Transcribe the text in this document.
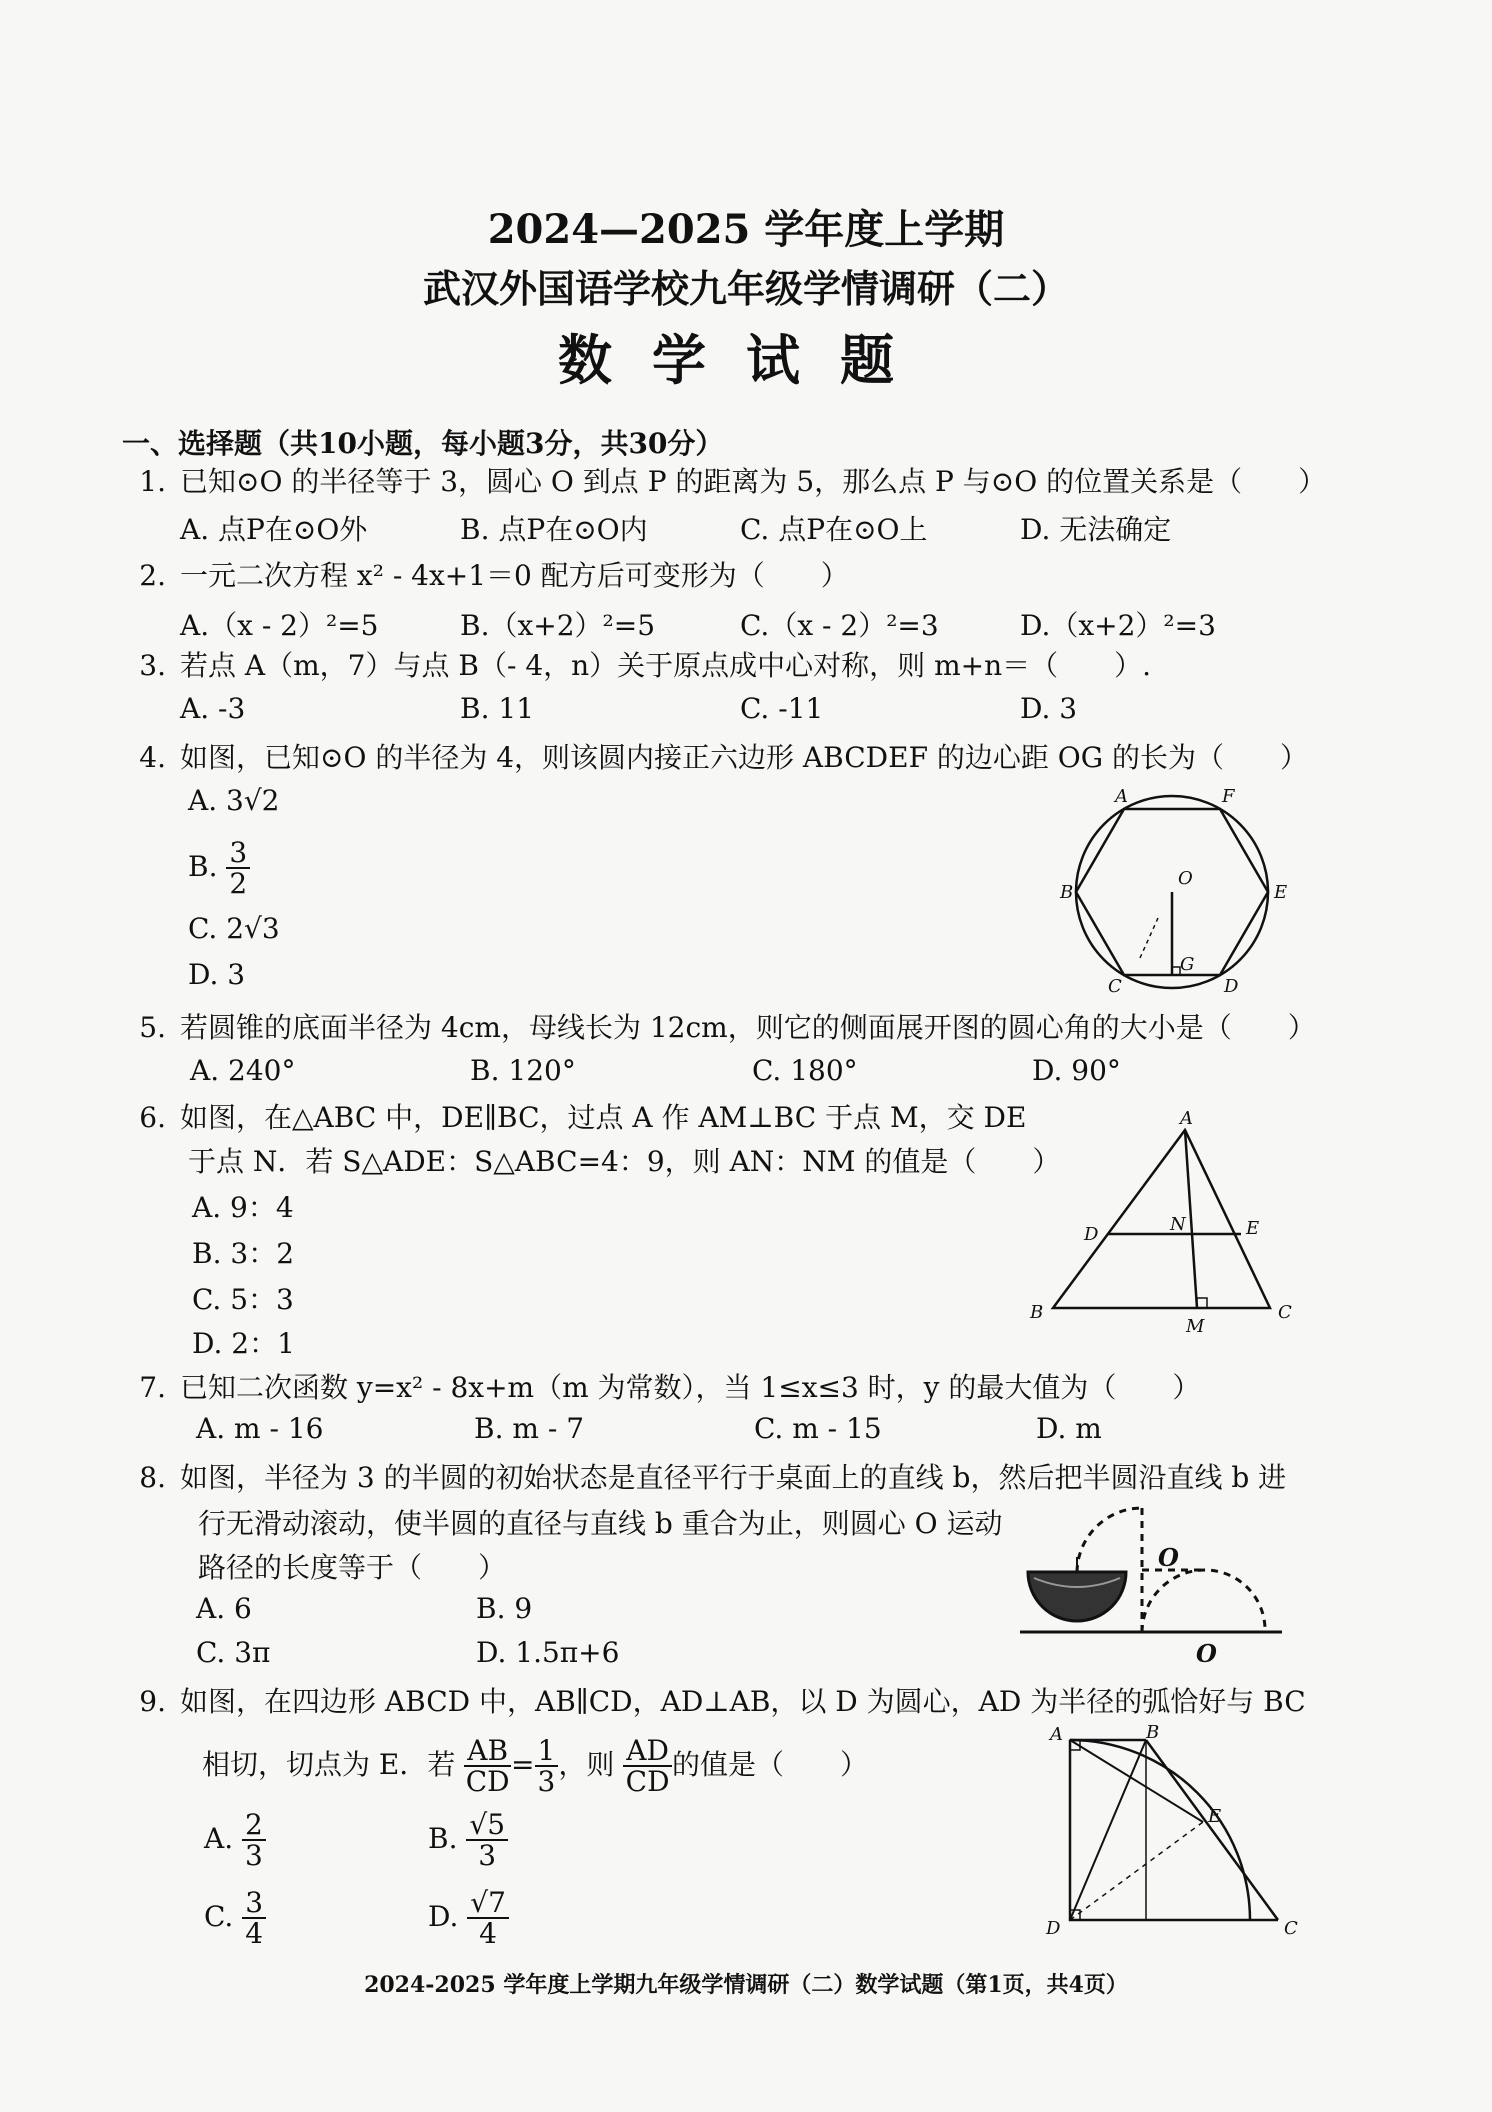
2024—2025 学年度上学期
武汉外国语学校九年级学情调研（二）
数学试题
一、选择题（共10小题，每小题3分，共30分）
1. 已知⊙O 的半径等于 3，圆心 O 到点 P 的距离为 5，那么点 P 与⊙O 的位置关系是（　　）
A. 点P在⊙O外	B. 点P在⊙O内	C. 点P在⊙O上	D. 无法确定
2. 一元二次方程 x² - 4x+1＝0 配方后可变形为（　　）
A.（x - 2）²=5	B.（x+2）²=5	C.（x - 2）²=3	D.（x+2）²=3
3. 若点 A（m，7）与点 B（- 4，n）关于原点成中心对称，则 m+n＝（　　）.
A. -3	B. 11	C. -11	D. 3
4. 如图，已知⊙O 的半径为 4，则该圆内接正六边形 ABCDEF 的边心距 OG 的长为（　　）
A. 3√2
B. $\frac{3}{2}$
C. 2√3
D. 3
A	F
B	E
C	D
O
G
5. 若圆锥的底面半径为 4cm，母线长为 12cm，则它的侧面展开图的圆心角的大小是（　　）
A. 240°	B. 120°	C. 180°	D. 90°
6. 如图，在△ABC 中，DE∥BC，过点 A 作 AM⊥BC 于点 M，交 DE
于点 N．若 S△ADE：S△ABC=4：9，则 AN：NM 的值是（　　）
A. 9：4
B. 3：2
C. 5：3
D. 2：1
A
D	N	E
B
M
C
7. 已知二次函数 y=x² - 8x+m（m 为常数），当 1≤x≤3 时，y 的最大值为（　　）
A. m - 16	B. m - 7	C. m - 15	D. m
8. 如图，半径为 3 的半圆的初始状态是直径平行于桌面上的直线 b，然后把半圆沿直线 b 进
行无滑动滚动，使半圆的直径与直线 b 重合为止，则圆心 O 运动
路径的长度等于（　　）
A. 6	B. 9
C. 3π	D. 1.5π+6
O
O
9. 如图，在四边形 ABCD 中，AB∥CD，AD⊥AB，以 D 为圆心，AD 为半径的弧恰好与 BC
相切，切点为 E．若 $\frac{AB}{CD} = \frac{1}{3}$ ，则 $\frac{AD}{CD}$ 的值是（　　）
A. $\frac{2}{3}$	B. $\frac{√5}{3}$
C. $\frac{3}{4}$	D. $\frac{√7}{4}$
A	B
E
D	C
2024-2025 学年度上学期九年级学情调研（二）数学试题（第1页，共4页）
